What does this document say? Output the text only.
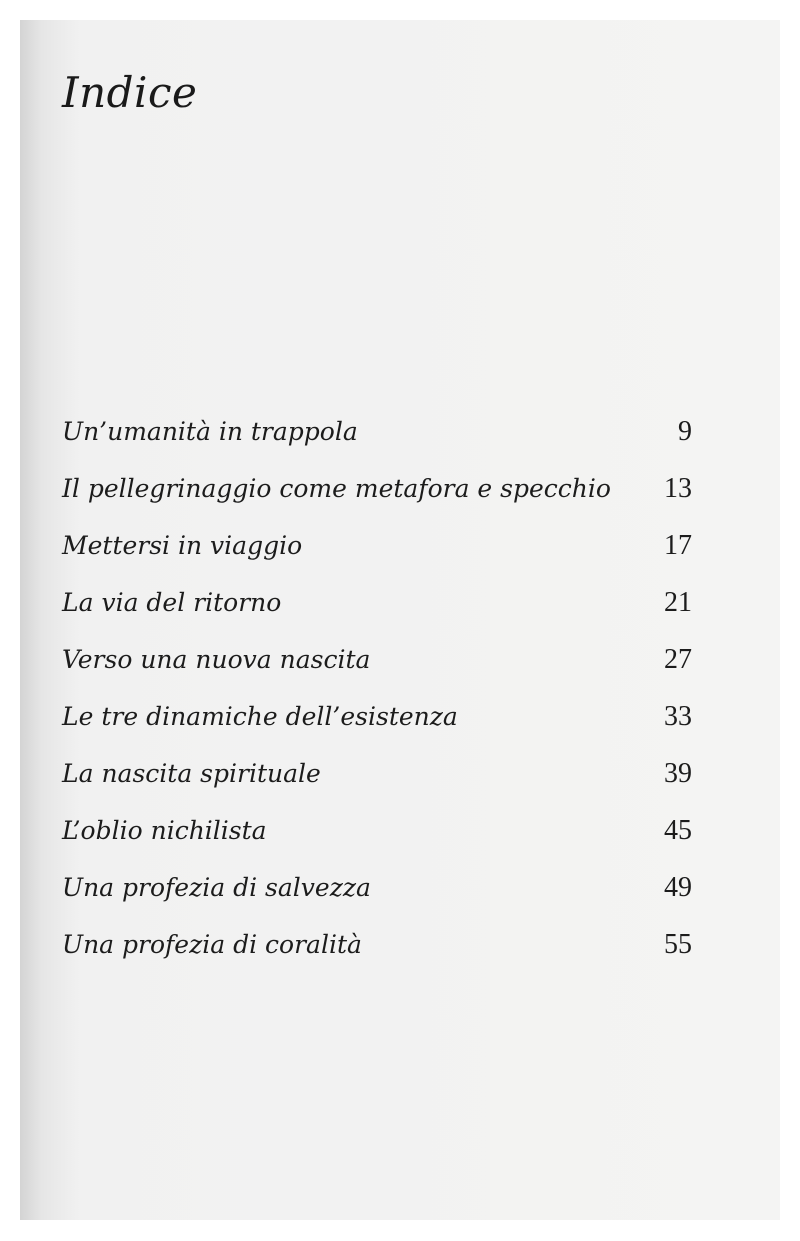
Indice
Un’umanità in trappola	9
Il pellegrinaggio come metafora e specchio	13
Mettersi in viaggio	17
La via del ritorno	21
Verso una nuova nascita	27
Le tre dinamiche dell’esistenza	33
La nascita spirituale	39
L’oblio nichilista	45
Una profezia di salvezza	49
Una profezia di coralità	55
